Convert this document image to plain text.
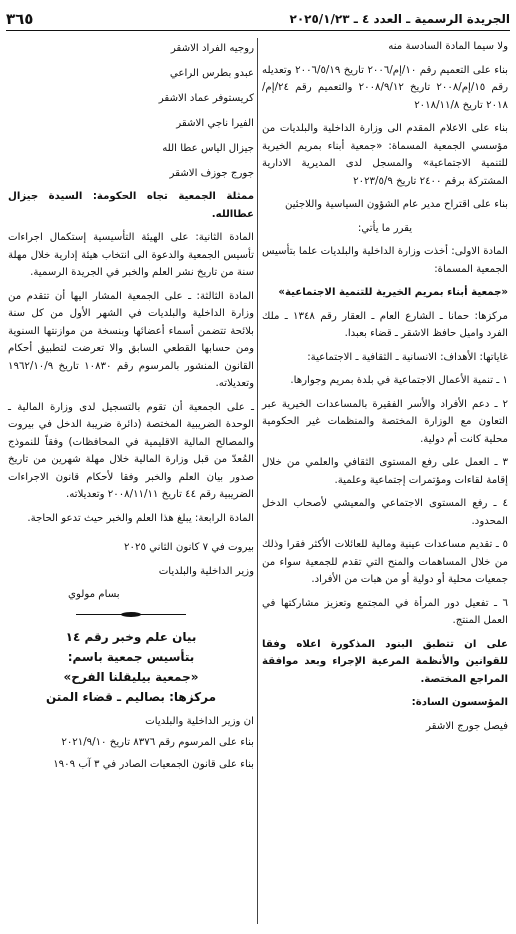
الجريدة الرسمية ـ العدد ٤ ـ ٢٠٢٥/١/٢٣
٣٦٥

ولا سيما المادة السادسة منه

بناء على التعميم رقم ١٠/إم/٢٠٠٦ تاريخ ٢٠٠٦/٥/١٩ وتعديله رقم ١٥/إم/٢٠٠٨ تاريخ ٢٠٠٨/٩/١٢ والتعميم رقم ٢٤/إم/٢٠١٨ تاريخ ٢٠١٨/١١/٨

بناء على الاعلام المقدم الى وزارة الداخلية والبلديات من مؤسسي الجمعية المسماة: «جمعية أبناء بمريم الخيرية للتنمية الاجتماعية» والمسجل لدى المديرية الادارية المشتركة برقم ٢٤٠٠ تاريخ ٢٠٢٣/٥/٩

بناء على اقتراح مدير عام الشؤون السياسية واللاجئين

يقرر ما يأتي:

المادة الاولى: أخذت وزارة الداخلية والبلديات علما بتأسيس الجمعية المسماة:

«جمعية أبناء بمريم الخيرية للتنمية الاجتماعية»

مركزها: حمانا ـ الشارع العام ـ العقار رقم ١٣٤٨ ـ ملك الفرد واميل حافظ الاشقر ـ قضاء بعبدا.

غاياتها: الأهداف: الانسانية ـ الثقافية ـ الاجتماعية:

١ ـ تنمية الأعمال الاجتماعية في بلدة بمريم وجوارها.

٢ ـ دعم الأفراد والأسر الفقيرة بالمساعدات الخيرية عبر التعاون مع الوزارة المختصة والمنظمات غير الحكومية محلية كانت أم دولية.

٣ ـ العمل على رفع المستوى الثقافي والعلمي من خلال إقامة لقاءات ومؤتمرات إجتماعية وعلمية.

٤ ـ رفع المستوى الاجتماعي والمعيشي لأصحاب الدخل المحدود.

٥ ـ تقديم مساعدات عينية ومالية للعائلات الأكثر فقرا وذلك من خلال المساهمات والمنح التي تقدم للجمعية سواء من جمعيات محلية أو دولية أو من هبات من الأفراد.

٦ ـ تفعيل دور المرأة في المجتمع وتعزيز مشاركتها في العمل المنتج.

على ان تتطبق البنود المذكورة اعلاه وفقا للقوانين والأنظمة المرعية الإجراء وبعد موافقة المراجع المختصة.

المؤسسون السادة:

فيصل جورج الاشقر

روجيه الفراد الاشقر

عبدو بطرس الراعي

كريستوفر عماد الاشقر

الفيرا ناجي الاشقر

جيزال الياس عطا الله

جورج جوزف الاشقر

ممثلة الجمعية تجاه الحكومة: السيدة جيزال عطاالله.

المادة الثانية: على الهيئة التأسيسية إستكمال اجراءات تأسيس الجمعية والدعوة الى انتخاب هيئة إدارية خلال مهلة سنة من تاريخ نشر العلم والخبر في الجريدة الرسمية.

المادة الثالثة: ـ على الجمعية المشار اليها أن تتقدم من وزارة الداخلية والبلديات في الشهر الأول من كل سنة بلائحة تتضمن أسماء أعضائها وبنسخة من موازنتها السنوية ومن حسابها القطعي السابق والا تعرضت لتطبيق أحكام القانون المنشور بالمرسوم رقم ١٠٨٣٠ تاريخ ١٩٦٢/١٠/٩ وتعديلاته.

ـ على الجمعية أن تقوم بالتسجيل لدى وزارة المالية ـ الوحدة الضريبية المختصة (دائرة ضريبة الدخل في بيروت والمصالح المالية الاقليمية في المحافظات) وفقاً للنموذج المُعدّ من قبل وزارة المالية خلال مهلة شهرين من تاريخ صدور بيان العلم والخبر وفقا لأحكام قانون الاجراءات الضريبية رقم ٤٤ تاريخ ٢٠٠٨/١١/١١ وتعديلاته.

المادة الرابعة: يبلغ هذا العلم والخبر حيث تدعو الحاجة.

بيروت في ٧ كانون الثاني ٢٠٢٥

وزير الداخلية والبلديات

بسام مولوي

بيان علم وخبر رقم ١٤

بتأسيس جمعية باسم:

«جمعية بيليقلنا الفرح»

مركزها: بصاليم ـ قضاء المتن

ان وزير الداخلية والبلديات

بناء على المرسوم رقم ٨٣٧٦ تاريخ ٢٠٢١/٩/١٠

بناء على قانون الجمعيات الصادر في ٣ آب ١٩٠٩
